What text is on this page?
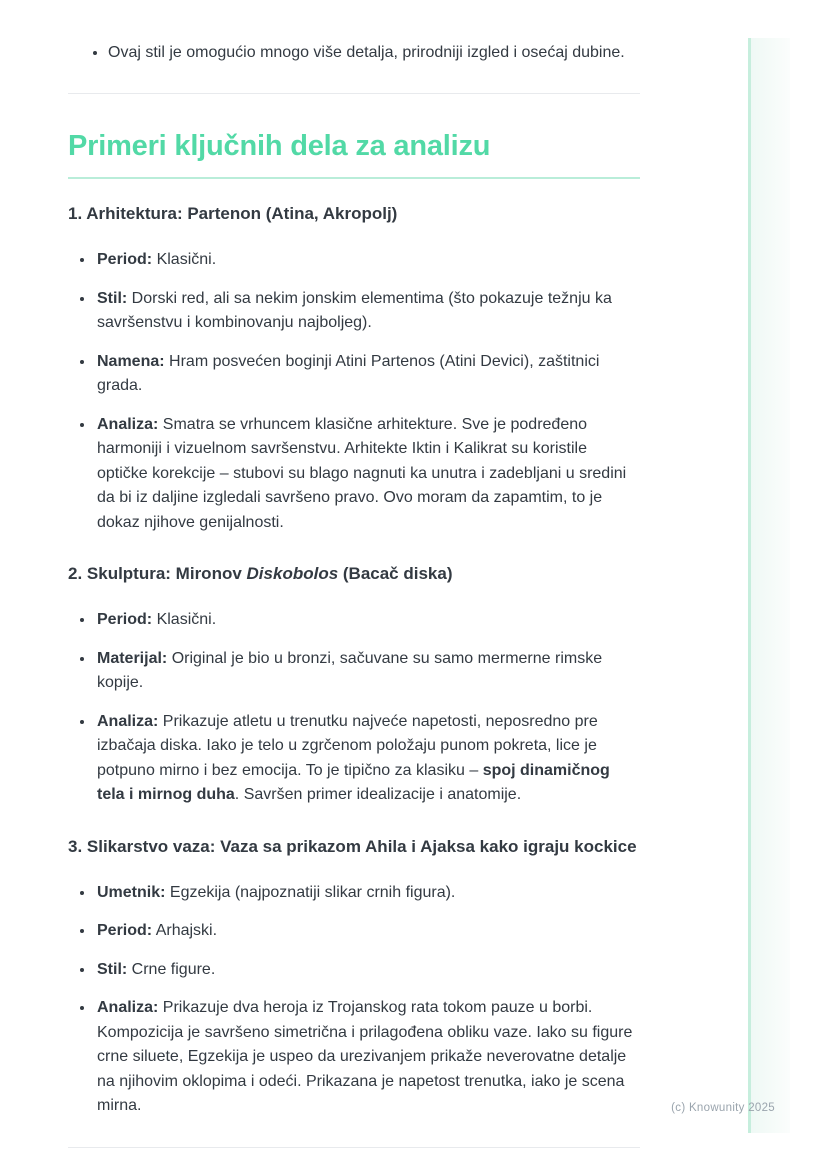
• Ovaj stil je omogućio mnogo više detalja, prirodniji izgled i osećaj dubine.
Primeri ključnih dela za analizu
1. Arhitektura: Partenon (Atina, Akropolj)
• Period: Klasični.
• Stil: Dorski red, ali sa nekim jonskim elementima (što pokazuje težnju ka savršenstvu i kombinovanju najboljeg).
• Namena: Hram posvećen boginji Atini Partenos (Atini Devici), zaštitnici grada.
• Analiza: Smatra se vrhuncem klasične arhitekture. Sve je podređeno harmoniji i vizuelnom savršenstvu. Arhitekte Iktin i Kalikrat su koristile optičke korekcije – stubovi su blago nagnuti ka unutra i zadebljani u sredini da bi iz daljine izgledali savršeno pravo. Ovo moram da zapamtim, to je dokaz njihove genijalnosti.
2. Skulptura: Mironov Diskobolos (Bacač diska)
• Period: Klasični.
• Materijal: Original je bio u bronzi, sačuvane su samo mermerne rimske kopije.
• Analiza: Prikazuje atletu u trenutku najveće napetosti, neposredno pre izbačaja diska. Iako je telo u zgrčenom položaju punom pokreta, lice je potpuno mirno i bez emocija. To je tipično za klasiku – spoj dinamičnog tela i mirnog duha. Savršen primer idealizacije i anatomije.
3. Slikarstvo vaza: Vaza sa prikazom Ahila i Ajaksa kako igraju kockice
• Umetnik: Egzekija (najpoznatiji slikar crnih figura).
• Period: Arhajski.
• Stil: Crne figure.
• Analiza: Prikazuje dva heroja iz Trojanskog rata tokom pauze u borbi. Kompozicija je savršeno simetrična i prilagođena obliku vaze. Iako su figure crne siluete, Egzekija je uspeo da urezivanjem prikaže neverovatne detalje na njihovim oklopima i odeći. Prikazana je napetost trenutka, iako je scena mirna.	(c) Knowunity 2025
